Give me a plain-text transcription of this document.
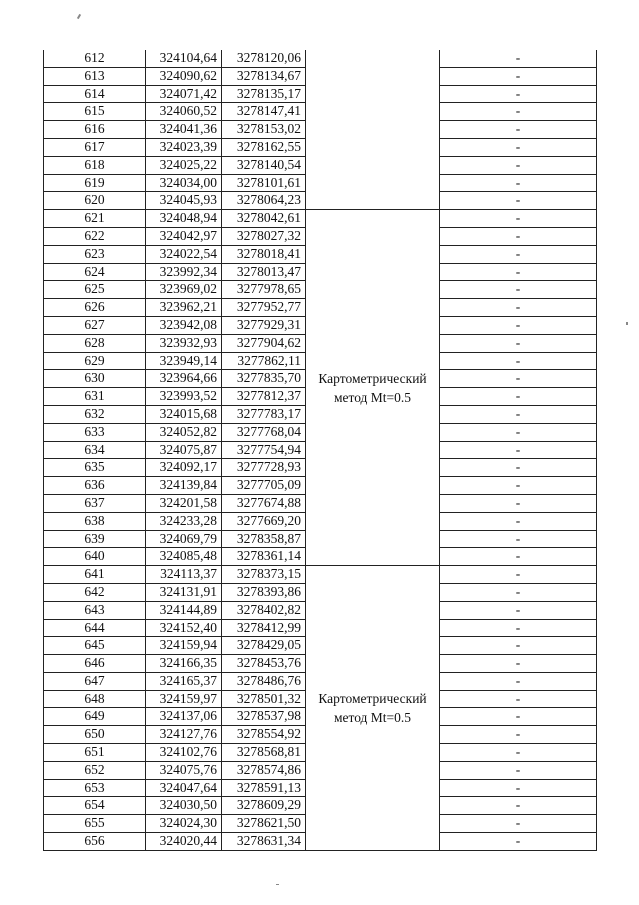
612	324104,64	3278120,06		-
613	324090,62	3278134,67		-
614	324071,42	3278135,17		-
615	324060,52	3278147,41		-
616	324041,36	3278153,02		-
617	324023,39	3278162,55		-
618	324025,22	3278140,54		-
619	324034,00	3278101,61		-
620	324045,93	3278064,23		-
621	324048,94	3278042,61	Картометрический метод Mt=0.5	-
622	324042,97	3278027,32		-
623	324022,54	3278018,41		-
624	323992,34	3278013,47		-
625	323969,02	3277978,65		-
626	323962,21	3277952,77		-
627	323942,08	3277929,31		-
628	323932,93	3277904,62		-
629	323949,14	3277862,11		-
630	323964,66	3277835,70		-
631	323993,52	3277812,37		-
632	324015,68	3277783,17		-
633	324052,82	3277768,04		-
634	324075,87	3277754,94		-
635	324092,17	3277728,93		-
636	324139,84	3277705,09		-
637	324201,58	3277674,88		-
638	324233,28	3277669,20		-
639	324069,79	3278358,87		-
640	324085,48	3278361,14		-
641	324113,37	3278373,15	Картометрический метод Mt=0.5	-
642	324131,91	3278393,86		-
643	324144,89	3278402,82		-
644	324152,40	3278412,99		-
645	324159,94	3278429,05		-
646	324166,35	3278453,76		-
647	324165,37	3278486,76		-
648	324159,97	3278501,32		-
649	324137,06	3278537,98		-
650	324127,76	3278554,92		-
651	324102,76	3278568,81		-
652	324075,76	3278574,86		-
653	324047,64	3278591,13		-
654	324030,50	3278609,29		-
655	324024,30	3278621,50		-
656	324020,44	3278631,34		-
